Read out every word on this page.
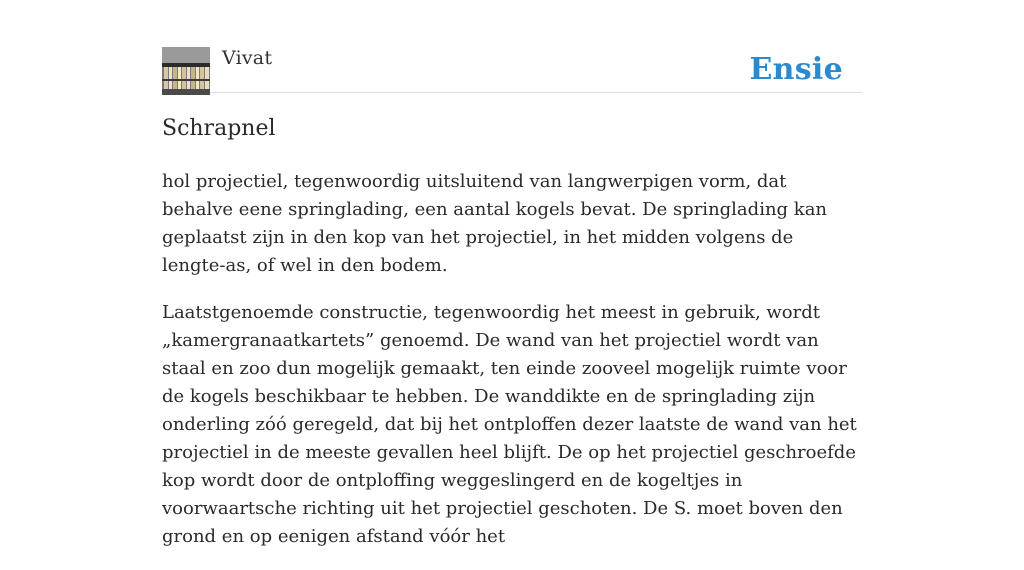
Vivat	Ensie
Schrapnel

hol projectiel, tegenwoordig uitsluitend van langwerpigen vorm, dat behalve eene springlading, een aantal kogels bevat. De springlading kan geplaatst zijn in den kop van het projectiel, in het midden volgens de lengte-as, of wel in den bodem.

Laatstgenoemde constructie, tegenwoordig het meest in gebruik, wordt „kamergranaatkartets” genoemd. De wand van het projectiel wordt van staal en zoo dun mogelijk gemaakt, ten einde zooveel mogelijk ruimte voor de kogels beschikbaar te hebben. De wanddikte en de springlading zijn onderling zóó geregeld, dat bij het ontploffen dezer laatste de wand van het projectiel in de meeste gevallen heel blijft. De op het projectiel geschroefde kop wordt door de ontploffing weggeslingerd en de kogeltjes in voorwaartsche richting uit het projectiel geschoten. De S. moet boven den grond en op eenigen afstand vóór het
